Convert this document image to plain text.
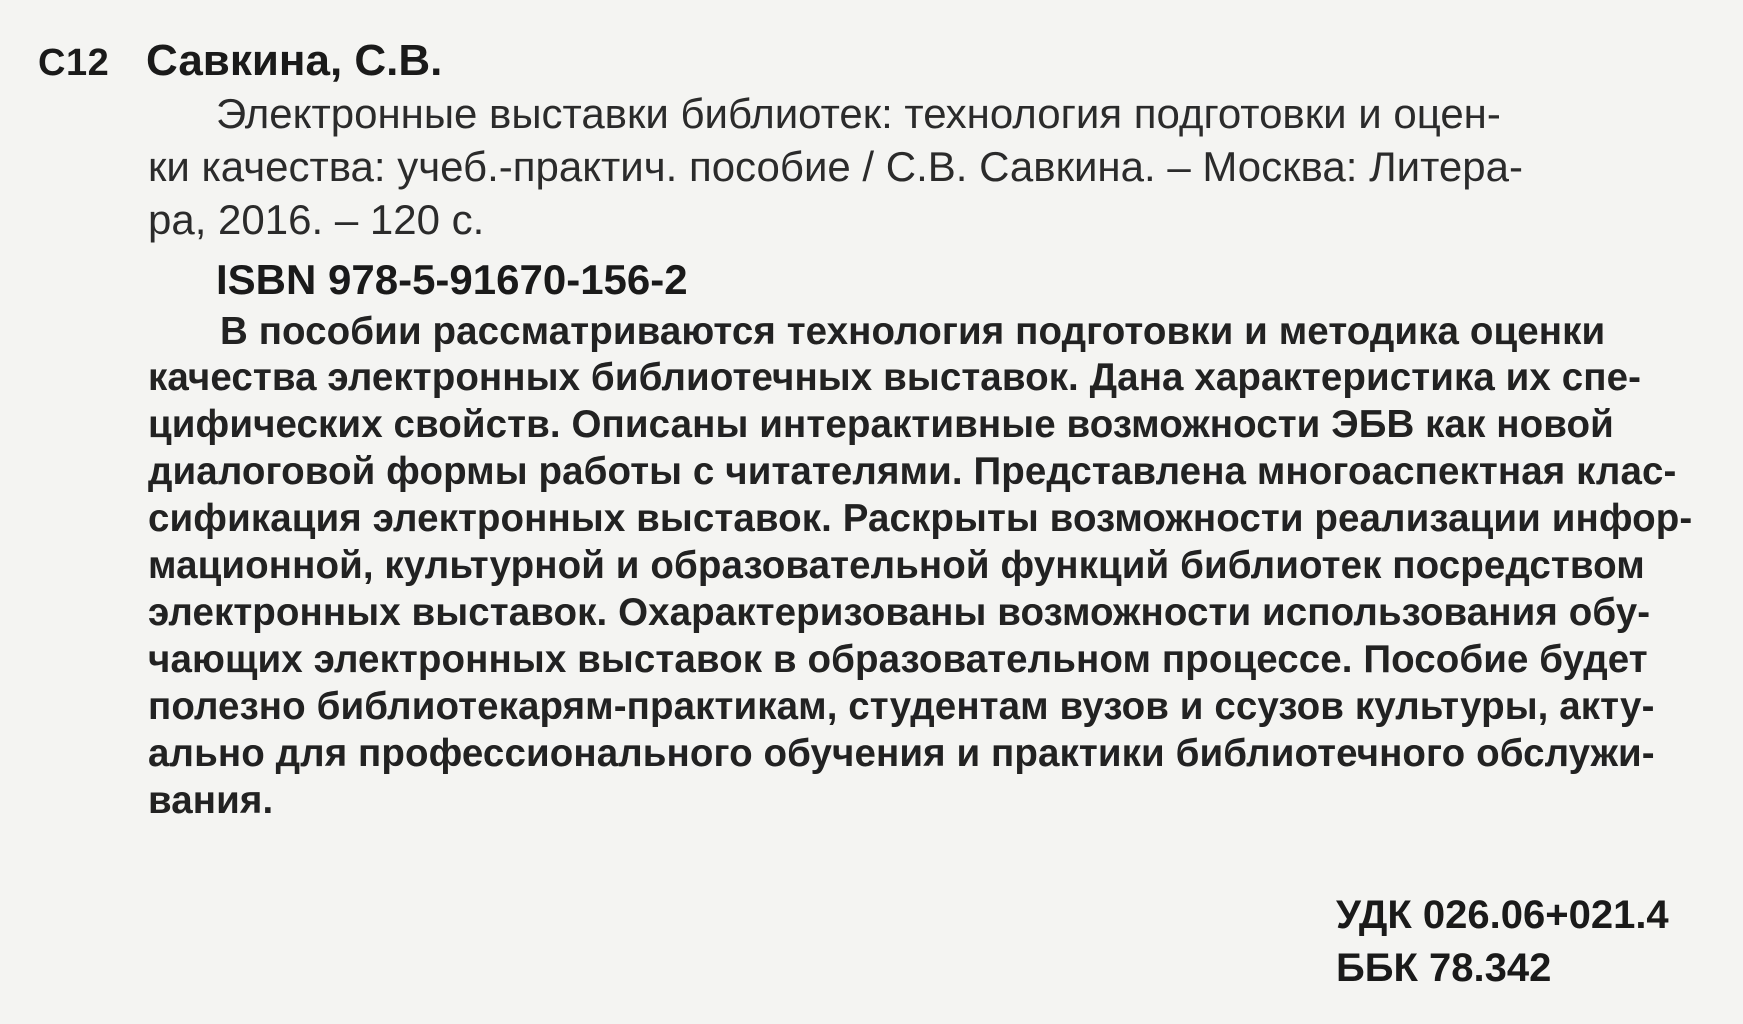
С12 Савкина, С.В.

Электронные выставки библиотек: технология подготовки и оцен-

ки качества: учеб.-практич. пособие / С.В. Савкина. – Москва: Литера-

ра, 2016. – 120 с.

ISBN 978-5-91670-156-2

В пособии рассматриваются технология подготовки и методика оценки

качества электронных библиотечных выставок. Дана характеристика их спе-

цифических свойств. Описаны интерактивные возможности ЭБВ как новой

диалоговой формы работы с читателями. Представлена многоаспектная клас-

сификация электронных выставок. Раскрыты возможности реализации инфор-

мационной, культурной и образовательной функций библиотек посредством

электронных выставок. Охарактеризованы возможности использования обу-

чающих электронных выставок в образовательном процессе. Пособие будет

полезно библиотекарям-практикам, студентам вузов и ссузов культуры, акту-

ально для профессионального обучения и практики библиотечного обслужи-

вания.

УДК 026.06+021.4

ББК 78.342
